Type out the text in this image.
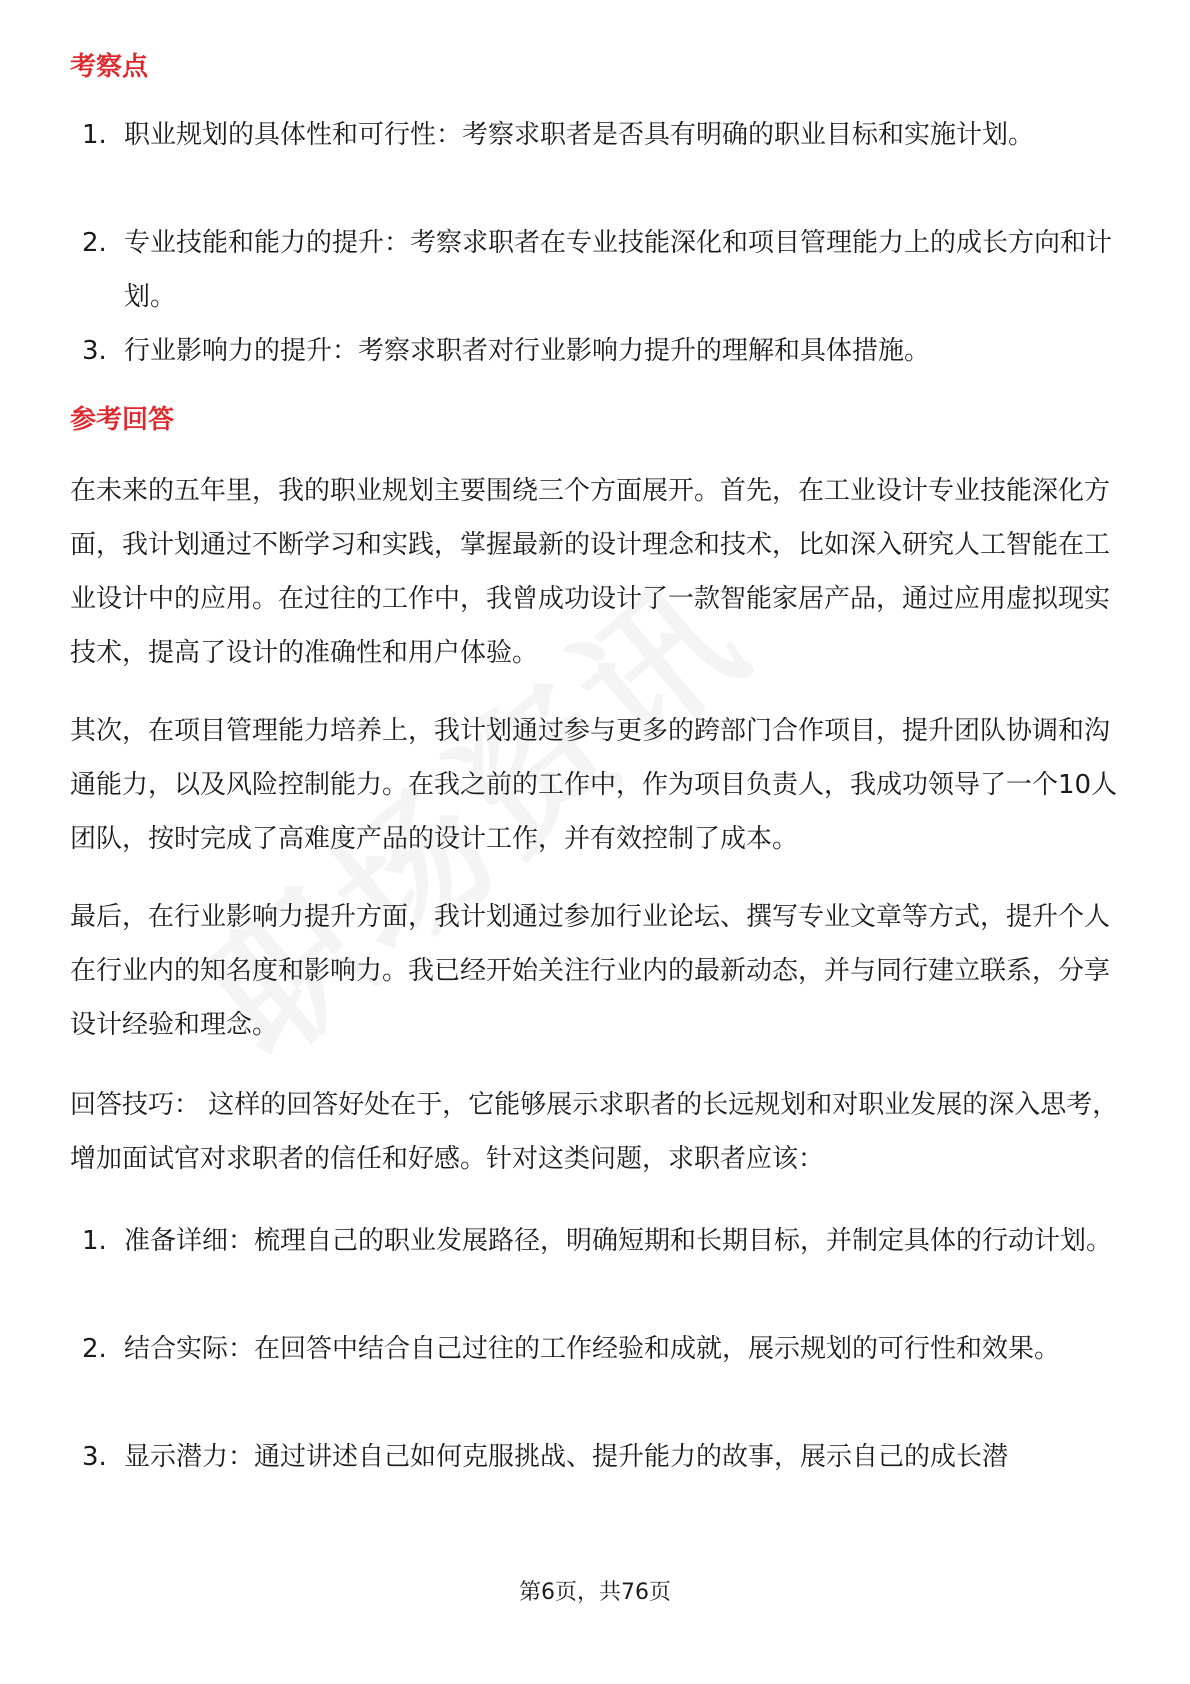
考察点
1. 职业规划的具体性和可行性：考察求职者是否具有明确的职业目标和实施计划。
2. 专业技能和能力的提升：考察求职者在专业技能深化和项目管理能力上的成长方向和计划。
3. 行业影响力的提升：考察求职者对行业影响力提升的理解和具体措施。
参考回答
在未来的五年里，我的职业规划主要围绕三个方面展开。首先，在工业设计专业技能深化方面，我计划通过不断学习和实践，掌握最新的设计理念和技术，比如深入研究人工智能在工业设计中的应用。在过往的工作中，我曾成功设计了一款智能家居产品，通过应用虚拟现实技术，提高了设计的准确性和用户体验。
其次，在项目管理能力培养上，我计划通过参与更多的跨部门合作项目，提升团队协调和沟通能力，以及风险控制能力。在我之前的工作中，作为项目负责人，我成功领导了一个10人团队，按时完成了高难度产品的设计工作，并有效控制了成本。
最后，在行业影响力提升方面，我计划通过参加行业论坛、撰写专业文章等方式，提升个人在行业内的知名度和影响力。我已经开始关注行业内的最新动态，并与同行建立联系，分享设计经验和理念。
回答技巧： 这样的回答好处在于，它能够展示求职者的长远规划和对职业发展的深入思考，增加面试官对求职者的信任和好感。针对这类问题，求职者应该：
1. 准备详细：梳理自己的职业发展路径，明确短期和长期目标，并制定具体的行动计划。
2. 结合实际：在回答中结合自己过往的工作经验和成就，展示规划的可行性和效果。
3. 显示潜力：通过讲述自己如何克服挑战、提升能力的故事，展示自己的成长潜
第6页，共76页
